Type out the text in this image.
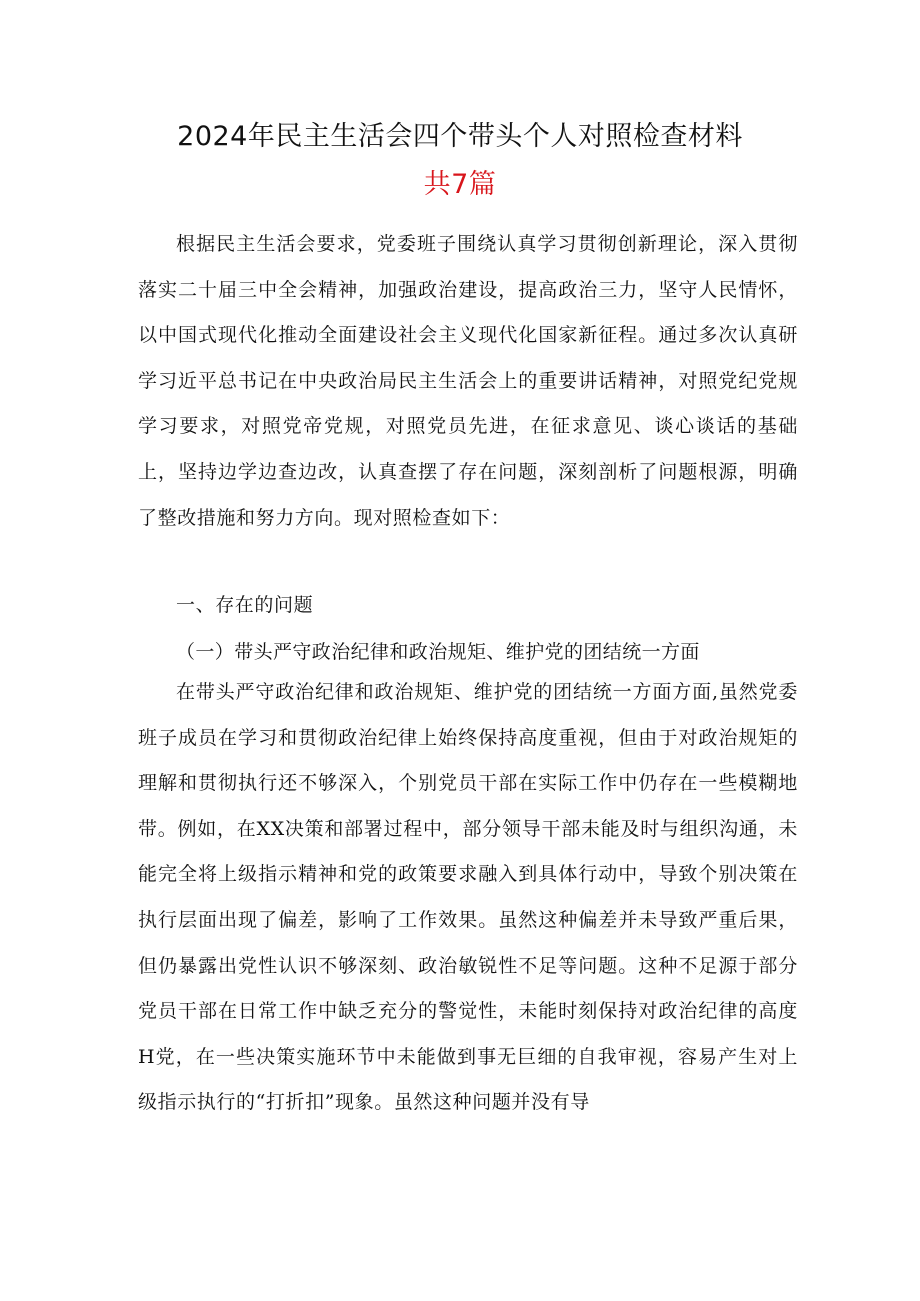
2024年民主生活会四个带头个人对照检查材料
共7篇

根据民主生活会要求，党委班子围绕认真学习贯彻创新理论，深入贯彻落实二十届三中全会精神，加强政治建设，提高政治三力，坚守人民情怀，以中国式现代化推动全面建设社会主义现代化国家新征程。通过多次认真研学习近平总书记在中央政治局民主生活会上的重要讲话精神，对照党纪党规学习要求，对照党帝党规，对照党员先进，在征求意见、谈心谈话的基础上，坚持边学边查边改，认真查摆了存在问题，深刻剖析了问题根源，明确了整改措施和努力方向。现对照检查如下：

一、存在的问题
（一）带头严守政治纪律和政治规矩、维护党的团结统一方面

在带头严守政治纪律和政治规矩、维护党的团结统一方面方面,虽然党委班子成员在学习和贯彻政治纪律上始终保持高度重视，但由于对政治规矩的理解和贯彻执行还不够深入，个别党员干部在实际工作中仍存在一些模糊地带。例如，在XX决策和部署过程中，部分领导干部未能及时与组织沟通，未能完全将上级指示精神和党的政策要求融入到具体行动中，导致个别决策在执行层面出现了偏差，影响了工作效果。虽然这种偏差并未导致严重后果，但仍暴露出党性认识不够深刻、政治敏锐性不足等问题。这种不足源于部分党员干部在日常工作中缺乏充分的警觉性，未能时刻保持对政治纪律的高度H党，在一些决策实施环节中未能做到事无巨细的自我审视，容易产生对上级指示执行的“打折扣”现象。虽然这种问题并没有导
